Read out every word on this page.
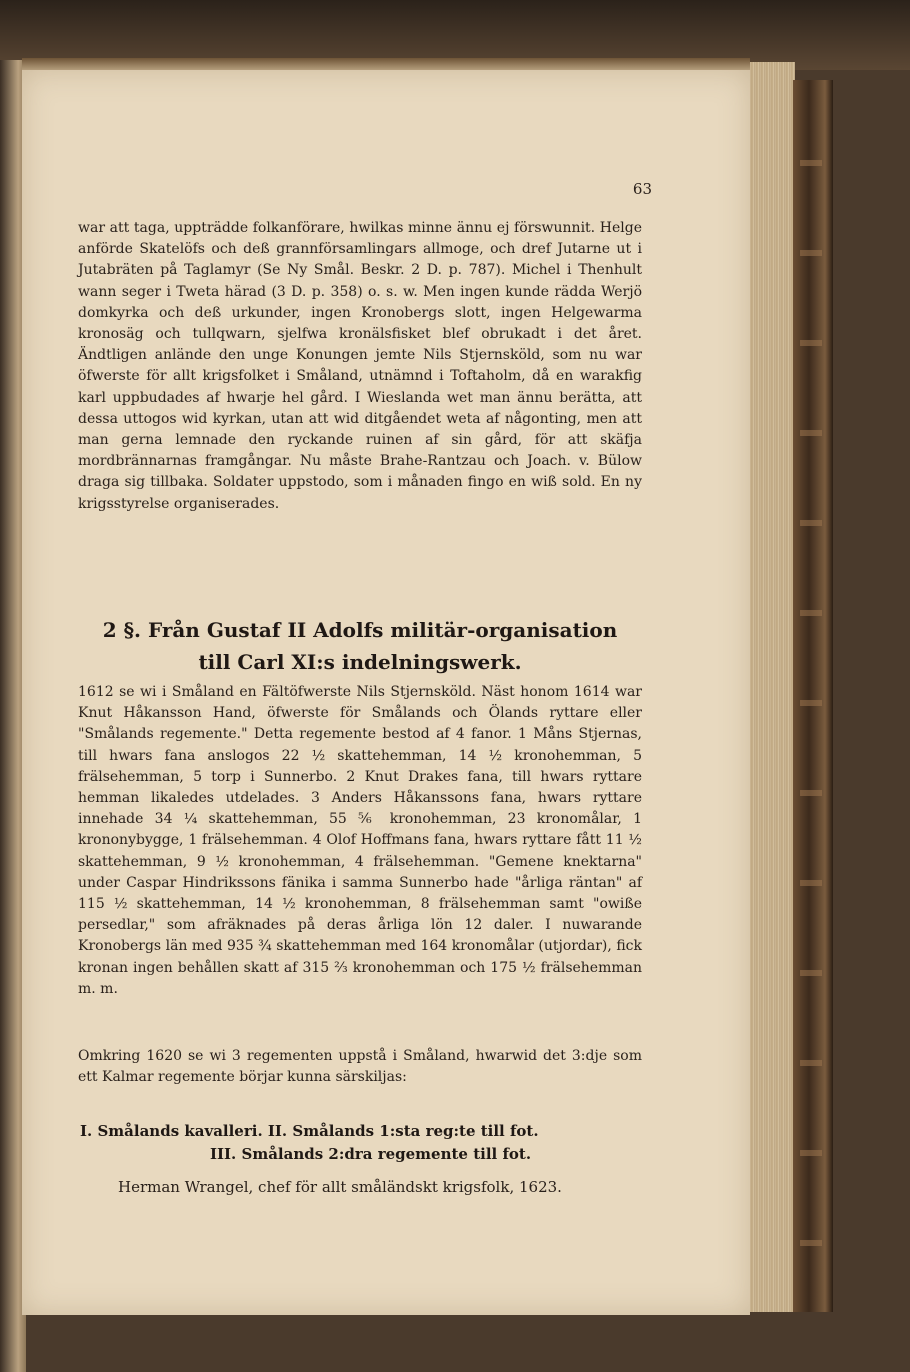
63

war att taga, uppträdde folkanförare, hwilkas minne ännu ej förswunnit. Helge anförde Skatelöfs och deß grannförsamlingars allmoge, och dref Jutarne ut i Jutabräten på Taglamyr (Se Ny Smål. Beskr. 2 D. p. 787). Michel i Thenhult wann seger i Tweta härad (3 D. p. 358) o. s. w. Men ingen kunde rädda Werjö domkyrka och deß urkunder, ingen Kronobergs slott, ingen Helgewarma kronosäg och tullqwarn, sjelfwa kronälsfisket blef obrukadt i det året. Ändtligen anlände den unge Konungen jemte Nils Stjernsköld, som nu war öfwerste för allt krigsfolket i Småland, utnämnd i Toftaholm, då en warakfig karl uppbudades af hwarje hel gård. I Wieslanda wet man ännu berätta, att dessa uttogos wid kyrkan, utan att wid ditgåendet weta af någonting, men att man gerna lemnade den ryckande ruinen af sin gård, för att skäfja mordbrännarnas framgångar. Nu måste Brahe-Rantzau och Joach. v. Bülow draga sig tillbaka. Soldater uppstodo, som i månaden fingo en wiß sold. En ny krigsstyrelse organiserades.

2 §. Från Gustaf II Adolfs militär-organisation
till Carl XI:s indelningswerk.

1612 se wi i Småland en Fältöfwerste Nils Stjernsköld. Näst honom 1614 war Knut Håkansson Hand, öfwerste för Smålands och Ölands ryttare eller "Smålands regemente." Detta regemente bestod af 4 fanor. 1 Måns Stjernas, till hwars fana anslogos 22 ½ skattehemman, 14 ½ kronohemman, 5 frälsehemman, 5 torp i Sunnerbo. 2 Knut Drakes fana, till hwars ryttare hemman likaledes utdelades. 3 Anders Håkanssons fana, hwars ryttare innehade 34 ¼ skattehemman, 55 ⅚ kronohemman, 23 kronomålar, 1 krononybygge, 1 frälsehemman. 4 Olof Hoffmans fana, hwars ryttare fått 11 ½ skattehemman, 9 ½ kronohemman, 4 frälsehemman. "Gemene knektarna" under Caspar Hindrikssons fänika i samma Sunnerbo hade "årliga räntan" af 115 ½ skattehemman, 14 ½ kronohemman, 8 frälsehemman samt "owiße persedlar," som afräknades på deras årliga lön 12 daler. I nuwarande Kronobergs län med 935 ¾ skattehemman med 164 kronomålar (utjordar), fick kronan ingen behållen skatt af 315 ⅔ kronohemman och 175 ½ frälsehemman m. m.

Omkring 1620 se wi 3 regementen uppstå i Småland, hwarwid det 3:dje som ett Kalmar regemente börjar kunna särskiljas:

I. Smålands kavalleri. II. Smålands 1:sta reg:te till fot.
III. Smålands 2:dra regemente till fot.
Herman Wrangel, chef för allt småländskt krigsfolk, 1623.
